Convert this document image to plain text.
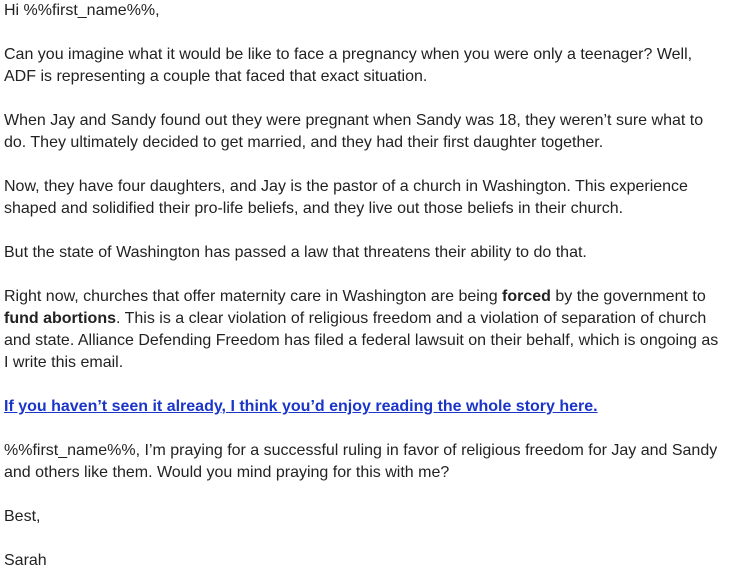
Hi %%first_name%%,

Can you imagine what it would be like to face a pregnancy when you were only a teenager? Well, ADF is representing a couple that faced that exact situation.

When Jay and Sandy found out they were pregnant when Sandy was 18, they weren’t sure what to do. They ultimately decided to get married, and they had their first daughter together.

Now, they have four daughters, and Jay is the pastor of a church in Washington. This experience shaped and solidified their pro-life beliefs, and they live out those beliefs in their church.

But the state of Washington has passed a law that threatens their ability to do that.

Right now, churches that offer maternity care in Washington are being forced by the government to fund abortions. This is a clear violation of religious freedom and a violation of separation of church and state. Alliance Defending Freedom has filed a federal lawsuit on their behalf, which is ongoing as I write this email.

If you haven’t seen it already, I think you’d enjoy reading the whole story here.

%%first_name%%, I’m praying for a successful ruling in favor of religious freedom for Jay and Sandy and others like them. Would you mind praying for this with me?

Best,

Sarah
